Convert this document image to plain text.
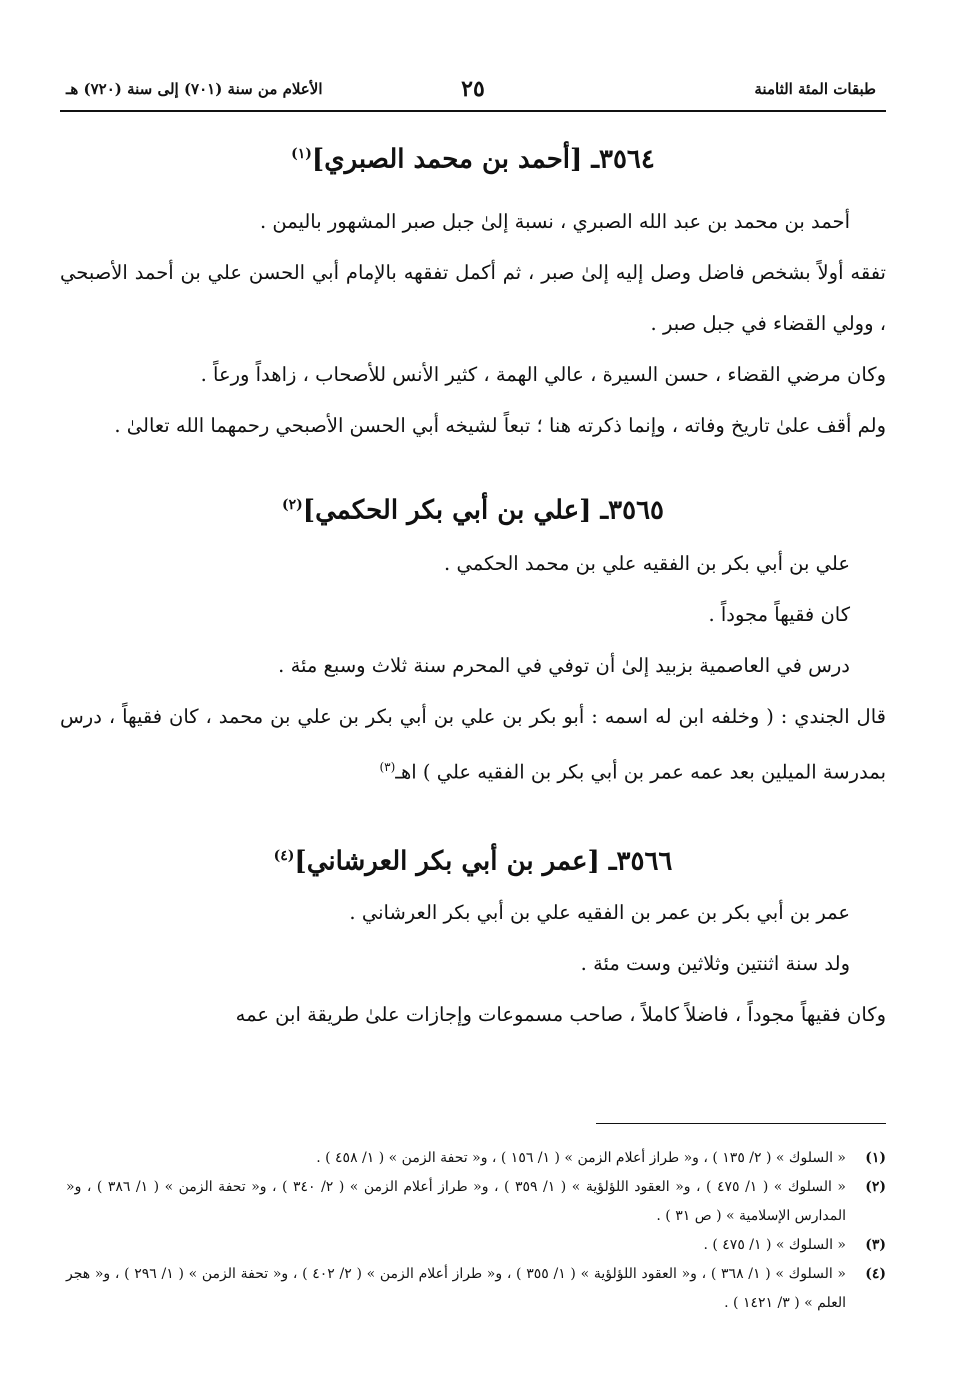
طبقات المئة الثامنة
٢٥
الأعلام من سنة (٧٠١) إلى سنة (٧٢٠) هـ
٣٥٦٤ـ [أحمد بن محمد الصبري]$^{(١)}$

أحمد بن محمد بن عبد الله الصبري ، نسبة إلىٰ جبل صبر المشهور باليمن .

تفقه أولاً بشخص فاضل وصل إليه إلىٰ صبر ، ثم أكمل تفقهه بالإمام أبي الحسن علي بن أحمد الأصبحي ، وولي القضاء في جبل صبر .

وكان مرضي القضاء ، حسن السيرة ، عالي الهمة ، كثير الأنس للأصحاب ، زاهداً ورعاً .

ولم أقف علىٰ تاريخ وفاته ، وإنما ذكرته هنا ؛ تبعاً لشيخه أبي الحسن الأصبحي رحمهما الله تعالىٰ .

٣٥٦٥ـ [علي بن أبي بكر الحكمي]$^{(٢)}$

علي بن أبي بكر بن الفقيه علي بن محمد الحكمي .

كان فقيهاً مجوداً .

درس في العاصمية بزبيد إلىٰ أن توفي في المحرم سنة ثلاث وسبع مئة .

قال الجندي : ( وخلفه ابن له اسمه : أبو بكر بن علي بن أبي بكر بن علي بن محمد ، كان فقيهاً ، درس بمدرسة الميلين بعد عمه عمر بن أبي بكر بن الفقيه علي ) اهـ$^{(٣)}$

٣٥٦٦ـ [عمر بن أبي بكر العرشاني]$^{(٤)}$

عمر بن أبي بكر بن عمر بن الفقيه علي بن أبي بكر العرشاني .

ولد سنة اثنتين وثلاثين وست مئة .

وكان فقيهاً مجوداً ، فاضلاً كاملاً ، صاحب مسموعات وإجازات علىٰ طريقة ابن عمه

(١)
« السلوك » ( ٢/ ١٣٥ ) ، و« طراز أعلام الزمن » ( ١/ ١٥٦ ) ، و« تحفة الزمن » ( ١/ ٤٥٨ ) .
(٢)
« السلوك » ( ١/ ٤٧٥ ) ، و« العقود اللؤلؤية » ( ١/ ٣٥٩ ) ، و« طراز أعلام الزمن » ( ٢/ ٣٤٠ ) ، و« تحفة الزمن » ( ١/ ٣٨٦ ) ، و« المدارس الإسلامية » ( ص ٣١ ) .
(٣)
« السلوك » ( ١/ ٤٧٥ ) .
(٤)
« السلوك » ( ١/ ٣٦٨ ) ، و« العقود اللؤلؤية » ( ١/ ٣٥٥ ) ، و« طراز أعلام الزمن » ( ٢/ ٤٠٢ ) ، و« تحفة الزمن » ( ١/ ٢٩٦ ) ، و« هجر العلم » ( ٣/ ١٤٢١ ) .
